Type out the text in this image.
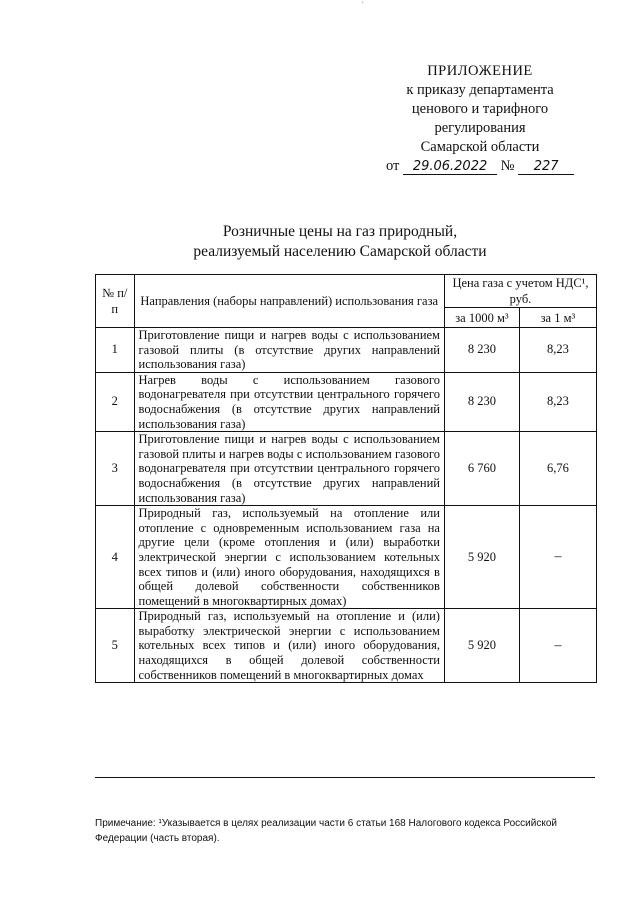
′
ПРИЛОЖЕНИЕ
к приказу департамента
ценового и тарифного
регулирования
Самарской области
от 29.06.2022 № 227
Розничные цены на газ природный,
реализуемый населению Самарской области
№ п/п	Направления (наборы направлений) использования газа	Цена газа с учетом НДС¹, руб.	
		за 1000 м³	за 1 м³
1	Приготовление пищи и нагрев воды с использованием газовой плиты (в отсутствие других направлений использования газа)	8 230	8,23
2	Нагрев воды с использованием газового водонагревателя при отсутствии центрального горячего водоснабжения (в отсутствие других направлений использования газа)	8 230	8,23
3	Приготовление пищи и нагрев воды с использованием газовой плиты и нагрев воды с использованием газового водонагревателя при отсутствии центрального горячего водоснабжения (в отсутствие других направлений использования газа)	6 760	6,76
4	Природный газ, используемый на отопление или отопление с одновременным использованием газа на другие цели (кроме отопления и (или) выработки электрической энергии с использованием котельных всех типов и (или) иного оборудования, находящихся в общей долевой собственности собственников помещений в многоквартирных домах)	5 920	–
5	Природный газ, используемый на отопление и (или) выработку электрической энергии с использованием котельных всех типов и (или) иного оборудования, находящихся в общей долевой собственности собственников помещений в многоквартирных домах	5 920	–
Примечание: ¹Указывается в целях реализации части 6 статьи 168 Налогового кодекса Российской Федерации (часть вторая).
